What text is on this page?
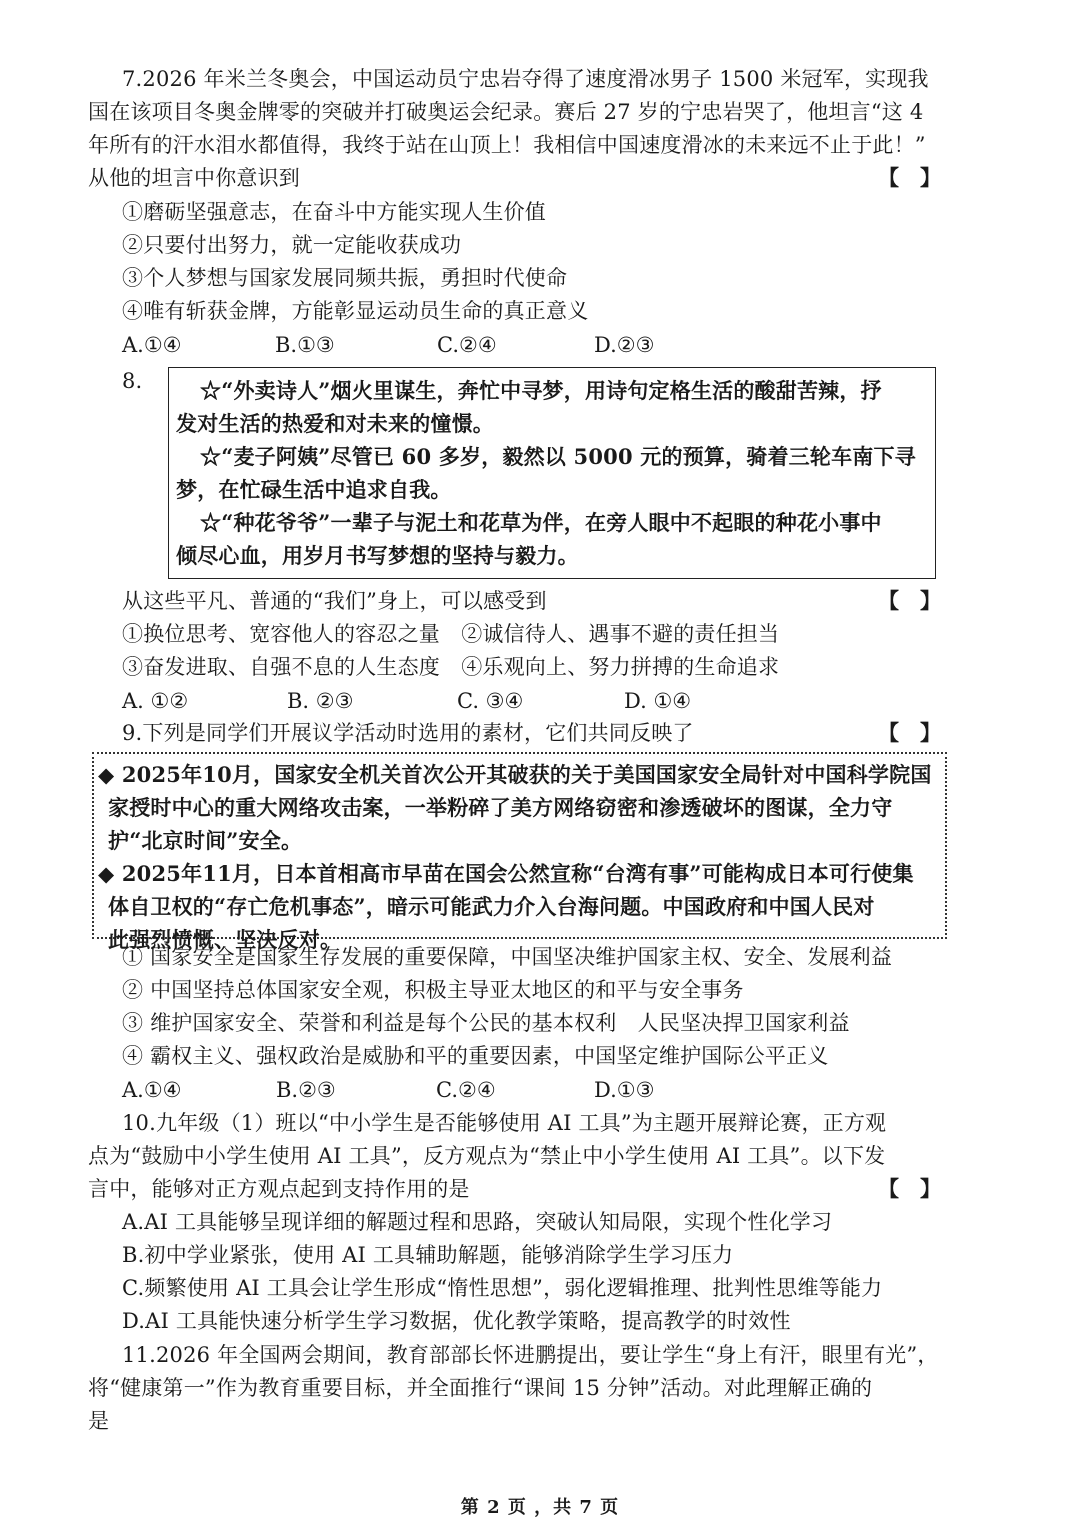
7.2026 年米兰冬奥会，中国运动员宁忠岩夺得了速度滑冰男子 1500 米冠军，实现我
国在该项目冬奥金牌零的突破并打破奥运会纪录。赛后 27 岁的宁忠岩哭了，他坦言“这 4
年所有的汗水泪水都值得，我终于站在山顶上！我相信中国速度滑冰的未来远不止于此！”
从他的坦言中你意识到	【　】
①磨砺坚强意志，在奋斗中方能实现人生价值
②只要付出努力，就一定能收获成功
③个人梦想与国家发展同频共振，勇担时代使命
④唯有斩获金牌，方能彰显运动员生命的真正意义
A.①④	B.①③	C.②④	D.②③
8.	☆“外卖诗人”烟火里谋生，奔忙中寻梦，用诗句定格生活的酸甜苦辣，抒
发对生活的热爱和对未来的憧憬。
☆“麦子阿姨”尽管已 60 多岁，毅然以 5000 元的预算，骑着三轮车南下寻
梦，在忙碌生活中追求自我。
☆“种花爷爷”一辈子与泥土和花草为伴，在旁人眼中不起眼的种花小事中
倾尽心血，用岁月书写梦想的坚持与毅力。
从这些平凡、普通的“我们”身上，可以感受到	【　】
①换位思考、宽容他人的容忍之量　②诚信待人、遇事不避的责任担当
③奋发进取、自强不息的人生态度　④乐观向上、努力拼搏的生命追求
A. ①②	B. ②③	C. ③④	D. ①④
9.下列是同学们开展议学活动时选用的素材，它们共同反映了	【　】
◆ 2025年10月，国家安全机关首次公开其破获的关于美国国家安全局针对中国科学院国
家授时中心的重大网络攻击案，一举粉碎了美方网络窃密和渗透破坏的图谋，全力守
护“北京时间”安全。
◆ 2025年11月，日本首相高市早苗在国会公然宣称“台湾有事”可能构成日本可行使集
体自卫权的“存亡危机事态”，暗示可能武力介入台海问题。中国政府和中国人民对
此强烈愤慨、坚决反对。
① 国家安全是国家生存发展的重要保障，中国坚决维护国家主权、安全、发展利益
② 中国坚持总体国家安全观，积极主导亚太地区的和平与安全事务
③ 维护国家安全、荣誉和利益是每个公民的基本权利　人民坚决捍卫国家利益
④ 霸权主义、强权政治是威胁和平的重要因素，中国坚定维护国际公平正义
A.①④	B.②③	C.②④	D.①③
10.九年级（1）班以“中小学生是否能够使用 AI 工具”为主题开展辩论赛，正方观
点为“鼓励中小学生使用 AI 工具”，反方观点为“禁止中小学生使用 AI 工具”。以下发
言中，能够对正方观点起到支持作用的是	【　】
A.AI 工具能够呈现详细的解题过程和思路，突破认知局限，实现个性化学习
B.初中学业紧张，使用 AI 工具辅助解题，能够消除学生学习压力
C.频繁使用 AI 工具会让学生形成“惰性思想”，弱化逻辑推理、批判性思维等能力
D.AI 工具能快速分析学生学习数据，优化教学策略，提高教学的时效性
11.2026 年全国两会期间，教育部部长怀进鹏提出，要让学生“身上有汗，眼里有光”，
将“健康第一”作为教育重要目标，并全面推行“课间 15 分钟”活动。对此理解正确的
是
第 2 页 ，共 7 页
